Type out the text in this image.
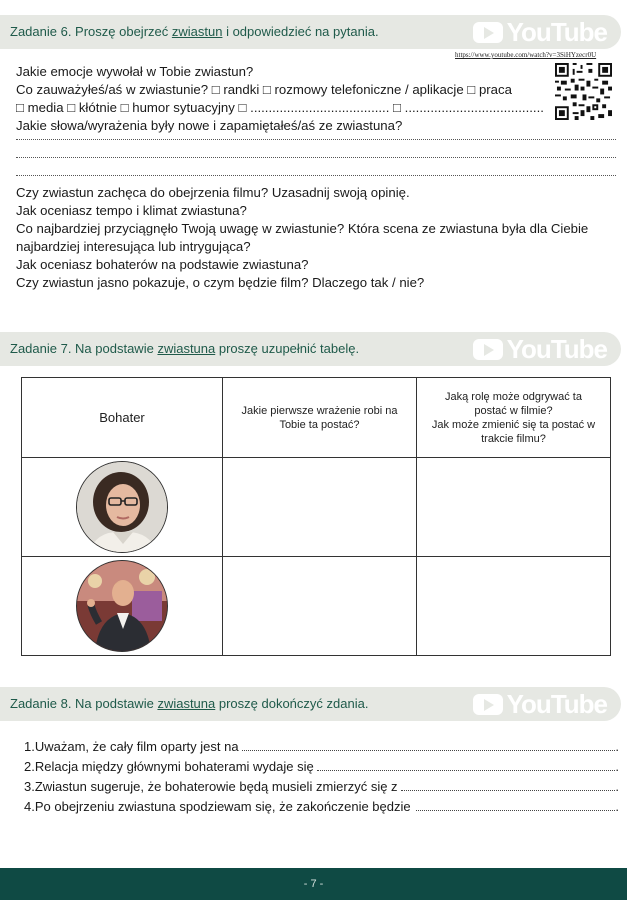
Zadanie 6. Proszę obejrzeć zwiastun i odpowiedzieć na pytania.	YouTube
https://www.youtube.com/watch?v=3SiHYzecr0U
Jakie emocje wywołał w Tobie zwiastun?
Co zauważyłeś/aś w zwiastunie? □ randki □ rozmowy telefoniczne / aplikacje □ praca
□ media □ kłótnie □ humor sytuacyjny □ ...................................... □ ......................................
Jakie słowa/wyrażenia były nowe i zapamiętałeś/aś ze zwiastuna?
Czy zwiastun zachęca do obejrzenia filmu? Uzasadnij swoją opinię.
Jak oceniasz tempo i klimat zwiastuna?
Co najbardziej przyciągnęło Twoją uwagę w zwiastunie? Która scena ze zwiastuna była dla Ciebie
najbardziej interesująca lub intrygująca?
Jak oceniasz bohaterów na podstawie zwiastuna?
Czy zwiastun jasno pokazuje, o czym będzie film? Dlaczego tak / nie?
Zadanie 7. Na podstawie zwiastuna proszę uzupełnić tabelę.	YouTube
Bohater	Jakie pierwsze wrażenie robi na Tobie ta postać?	Jaką rolę może odgrywać ta postać w filmie?
Jak może zmienić się ta postać w trakcie filmu?

Zadanie 8. Na podstawie zwiastuna proszę dokończyć zdania.	YouTube
1.Uważam, że cały film oparty jest na	.
2.Relacja między głównymi bohaterami wydaje się	.
3.Zwiastun sugeruje, że bohaterowie będą musieli zmierzyć się z	.
4.Po obejrzeniu zwiastuna spodziewam się, że zakończenie będzie	.
- 7 -
